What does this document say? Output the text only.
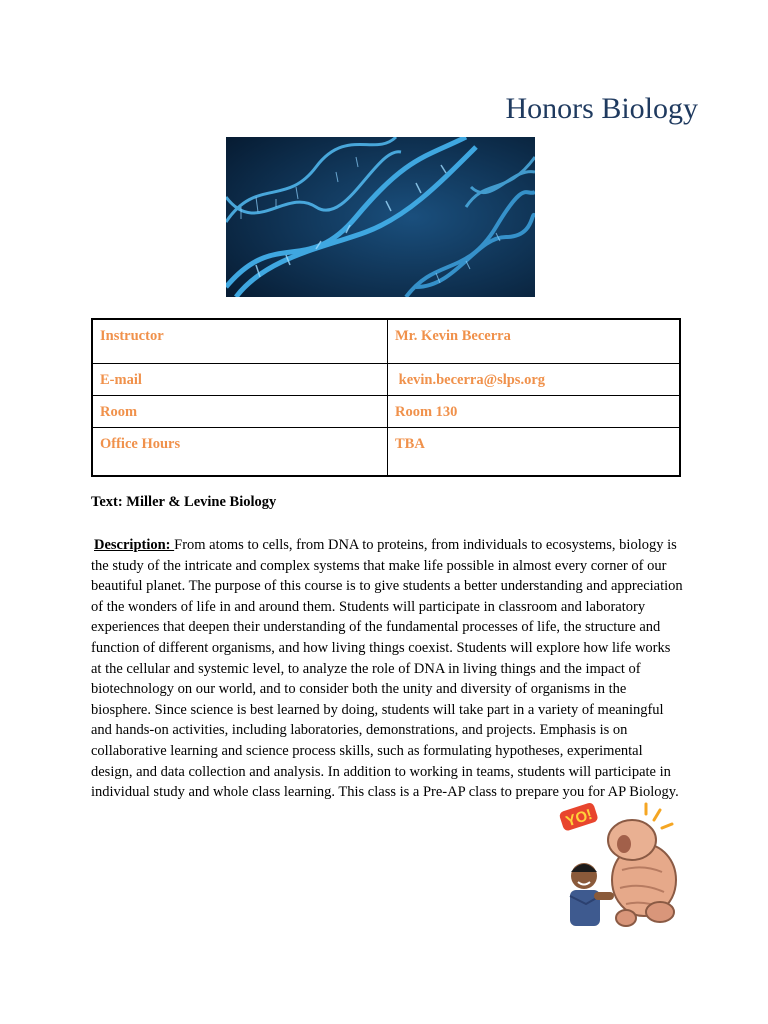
Honors Biology
Instructor	Mr. Kevin Becerra
E-mail	kevin.becerra@slps.org
Room	Room 130
Office Hours	TBA
Text: Miller & Levine Biology
Description: From atoms to cells, from DNA to proteins, from individuals to ecosystems, biology is the study of the intricate and complex systems that make life possible in almost every corner of our beautiful planet. The purpose of this course is to give students a better understanding and appreciation of the wonders of life in and around them. Students will participate in classroom and laboratory experiences that deepen their understanding of the fundamental processes of life, the structure and function of different organisms, and how living things coexist. Students will explore how life works at the cellular and systemic level, to analyze the role of DNA in living things and the impact of biotechnology on our world, and to consider both the unity and diversity of organisms in the biosphere. Since science is best learned by doing, students will take part in a variety of meaningful and hands-on activities, including laboratories, demonstrations, and projects. Emphasis is on collaborative learning and science process skills, such as formulating hypotheses, experimental design, and data collection and analysis. In addition to working in teams, students will participate in individual study and whole class learning. This class is a Pre-AP class to prepare you for AP Biology.
YO!
